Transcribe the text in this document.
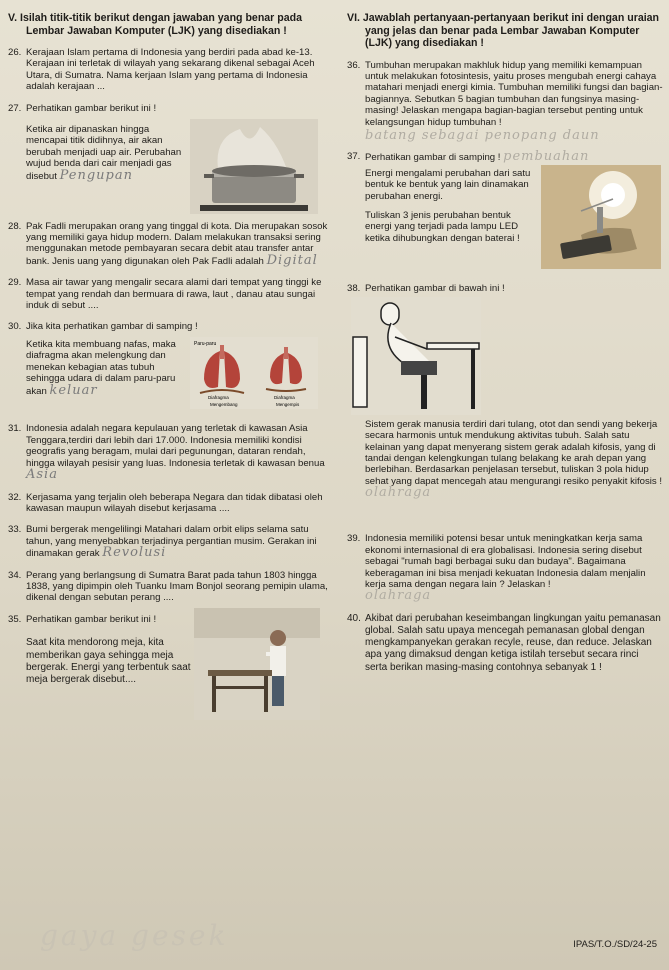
V. Isilah titik-titik berikut dengan jawaban yang benar pada Lembar Jawaban Komputer (LJK) yang disediakan !
26. Kerajaan Islam pertama di Indonesia yang berdiri pada abad ke-13. Kerajaan ini terletak di wilayah yang sekarang dikenal sebagai Aceh Utara, di Sumatra. Nama kerjaan Islam yang pertama di Indonesia adalah kerajaan ...

27. Perhatikan gambar berikut ini !

Ketika air dipanaskan hingga mencapai titik didihnya, air akan berubah menjadi uap air. Perubahan wujud benda dari cair menjadi gas disebut Pengupan
28. Pak Fadli merupakan orang yang tinggal di kota. Dia merupakan sosok yang memiliki gaya hidup modern. Dalam melakukan transaksi sering menggunakan metode pembayaran secara debit atau transfer antar bank. Jenis uang yang digunakan oleh Pak Fadli adalah Digital

29. Masa air tawar yang mengalir secara alami dari tempat yang tinggi ke tempat yang rendah dan bermuara di rawa, laut , danau atau sungai induk di sebut ....

30. Jika kita perhatikan gambar di samping !

Ketika kita membuang nafas, maka diafragma akan melengkung dan menekan kebagian atas tubuh sehingga udara di dalam paru-paru akan keluar
Paru-paru
Diafragma	Diafragma
Mengembang	Mengempis
31. Indonesia adalah negara kepulauan yang terletak di kawasan Asia Tenggara,terdiri dari lebih dari 17.000. Indonesia memiliki kondisi geografis yang beragam, mulai dari pegunungan, dataran rendah, hingga wilayah pesisir yang luas. Indonesia terletak di kawasan benua Asia

32. Kerjasama yang terjalin oleh beberapa Negara dan tidak dibatasi oleh kawasan maupun wilayah disebut kerjasama ....

33. Bumi bergerak mengelilingi Matahari dalam orbit elips selama satu tahun, yang menyebabkan terjadinya pergantian musim. Gerakan ini dinamakan gerak Revolusi

34. Perang yang berlangsung di Sumatra Barat pada tahun 1803 hingga 1838, yang dipimpin oleh Tuanku Imam Bonjol seorang pemipin ulama, dikenal dengan sebutan perang ....

35. Perhatikan gambar berikut ini !

Saat kita mendorong meja, kita memberikan gaya sehingga meja bergerak. Energi yang terbentuk saat meja bergerak disebut....
VI. Jawablah pertanyaan-pertanyaan berikut ini dengan uraian yang jelas dan benar pada Lembar Jawaban Komputer (LJK) yang disediakan !
36. Tumbuhan merupakan makhluk hidup yang memiliki kemampuan untuk melakukan fotosintesis, yaitu proses mengubah energi cahaya matahari menjadi energi kimia. Tumbuhan memiliki fungsi dan bagian-bagiannya. Sebutkan 5 bagian tumbuhan dan fungsinya masing-masing! Jelaskan mengapa bagian-bagian tersebut penting untuk kelangsungan hidup tumbuhan !

batang sebagai penopang daun
37. Perhatikan gambar di samping ! pembuahan

Energi mengalami perubahan dari satu bentuk ke bentuk yang lain dinamakan perubahan energi.

Tuliskan 3 jenis perubahan bentuk energi yang terjadi pada lampu LED ketika dihubungkan dengan baterai !

38. Perhatikan gambar di bawah ini !

Sistem gerak manusia terdiri dari tulang, otot dan sendi yang bekerja secara harmonis untuk mendukung aktivitas tubuh. Salah satu kelainan yang dapat menyerang sistem gerak adalah kifosis, yang di tandai dengan kelengkungan tulang belakang ke arah depan yang berlebihan. Berdasarkan penjelasan tersebut, tuliskan 3 pola hidup sehat yang dapat mencegah atau mengurangi resiko penyakit kifosis !

olahraga
39. Indonesia memiliki potensi besar untuk meningkatkan kerja sama ekonomi internasional di era globalisasi. Indonesia sering disebut sebagai "rumah bagi berbagai suku dan budaya". Bagaimana keberagaman ini bisa menjadi kekuatan Indonesia dalam menjalin kerja sama dengan negara lain ? Jelaskan !

olahraga
40. Akibat dari perubahan keseimbangan lingkungan yaitu pemanasan global. Salah satu upaya mencegah pemanasan global dengan mengkampanyekan gerakan recyle, reuse, dan reduce. Jelaskan apa yang dimaksud dengan ketiga istilah tersebut secara rinci serta berikan masing-masing contohnya sebanyak 1 !

gaya gesek	IPAS/T.O./SD/24-25
